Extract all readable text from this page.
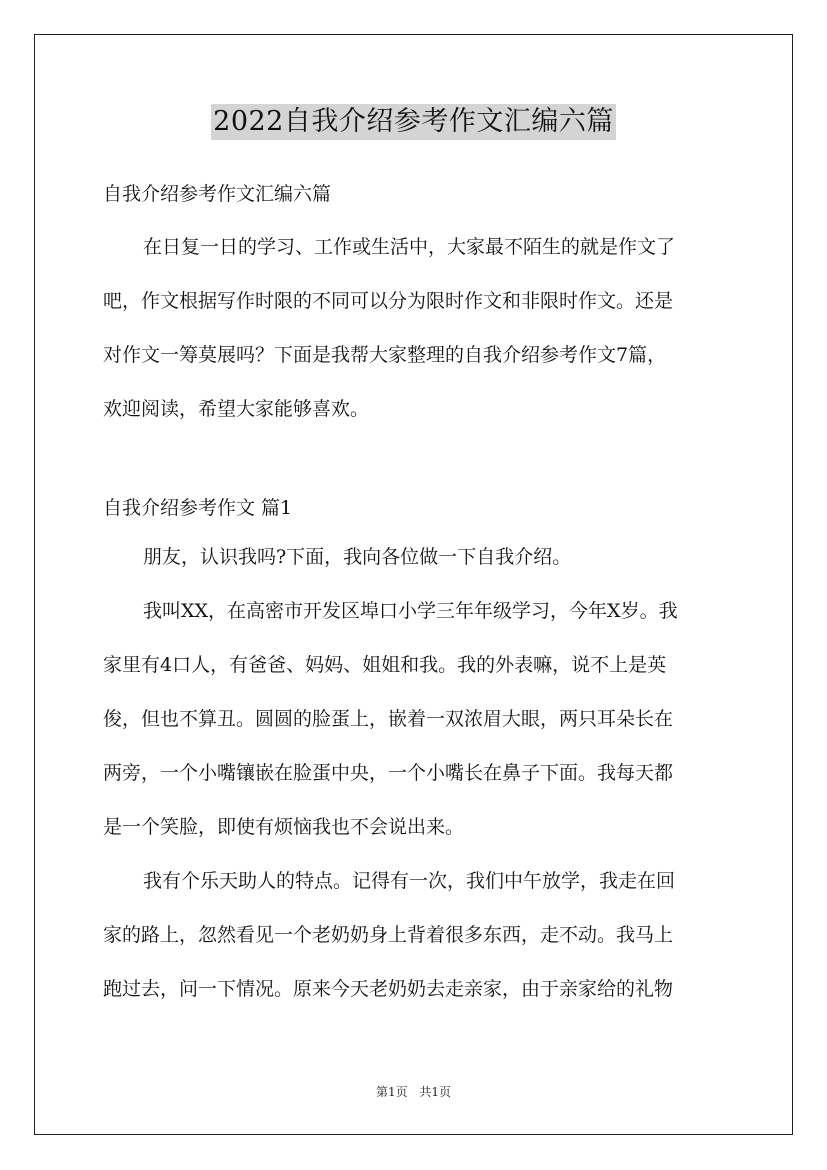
2022自我介绍参考作文汇编六篇
自我介绍参考作文汇编六篇
在日复一日的学习、工作或生活中，大家最不陌生的就是作文了
吧，作文根据写作时限的不同可以分为限时作文和非限时作文。还是
对作文一筹莫展吗？下面是我帮大家整理的自我介绍参考作文7篇，
欢迎阅读，希望大家能够喜欢。
自我介绍参考作文 篇1
朋友，认识我吗?下面，我向各位做一下自我介绍。
我叫XX，在高密市开发区埠口小学三年年级学习，今年X岁。我
家里有4口人，有爸爸、妈妈、姐姐和我。我的外表嘛，说不上是英
俊，但也不算丑。圆圆的脸蛋上，嵌着一双浓眉大眼，两只耳朵长在
两旁，一个小嘴镶嵌在脸蛋中央，一个小嘴长在鼻子下面。我每天都
是一个笑脸，即使有烦恼我也不会说出来。
我有个乐天助人的特点。记得有一次，我们中午放学，我走在回
家的路上，忽然看见一个老奶奶身上背着很多东西，走不动。我马上
跑过去，问一下情况。原来今天老奶奶去走亲家，由于亲家给的礼物
第1页 共1页
